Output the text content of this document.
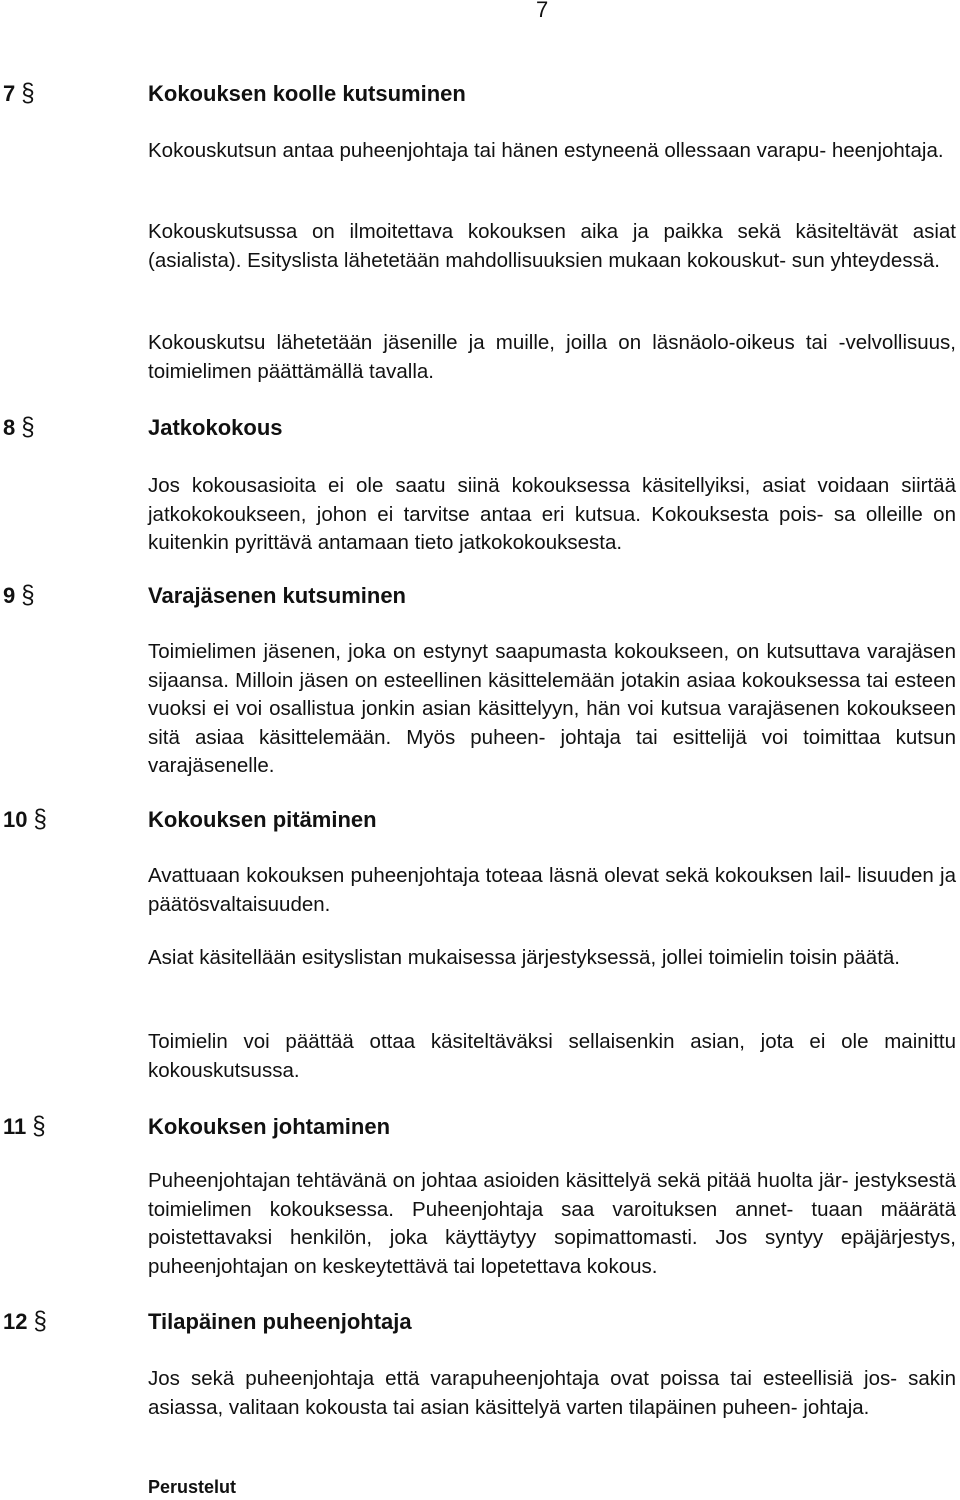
7
7 §	Kokouksen koolle kutsuminen

Kokouskutsun antaa puheenjohtaja tai hänen estyneenä ollessaan varapu- heenjohtaja.

Kokouskutsussa on ilmoitettava kokouksen aika ja paikka sekä käsiteltävät asiat (asialista). Esityslista lähetetään mahdollisuuksien mukaan kokouskut- sun yhteydessä.

Kokouskutsu lähetetään jäsenille ja muille, joilla on läsnäolo-oikeus tai -velvollisuus, toimielimen päättämällä tavalla.

8 §	Jatkokokous

Jos kokousasioita ei ole saatu siinä kokouksessa käsitellyiksi, asiat voidaan siirtää jatkokokoukseen, johon ei tarvitse antaa eri kutsua. Kokouksesta pois- sa olleille on kuitenkin pyrittävä antamaan tieto jatkokokouksesta.

9 §	Varajäsenen kutsuminen

Toimielimen jäsenen, joka on estynyt saapumasta kokoukseen, on kutsuttava varajäsen sijaansa. Milloin jäsen on esteellinen käsittelemään jotakin asiaa kokouksessa tai esteen vuoksi ei voi osallistua jonkin asian käsittelyyn, hän voi kutsua varajäsenen kokoukseen sitä asiaa käsittelemään. Myös puheen- johtaja tai esittelijä voi toimittaa kutsun varajäsenelle.

10 §	Kokouksen pitäminen

Avattuaan kokouksen puheenjohtaja toteaa läsnä olevat sekä kokouksen lail- lisuuden ja päätösvaltaisuuden.

Asiat käsitellään esityslistan mukaisessa järjestyksessä, jollei toimielin toisin päätä.

Toimielin voi päättää ottaa käsiteltäväksi sellaisenkin asian, jota ei ole mainittu kokouskutsussa.

11 §	Kokouksen johtaminen

Puheenjohtajan tehtävänä on johtaa asioiden käsittelyä sekä pitää huolta jär- jestyksestä toimielimen kokouksessa. Puheenjohtaja saa varoituksen annet- tuaan määrätä poistettavaksi henkilön, joka käyttäytyy sopimattomasti. Jos syntyy epäjärjestys, puheenjohtajan on keskeytettävä tai lopetettava kokous.

12 §	Tilapäinen puheenjohtaja

Jos sekä puheenjohtaja että varapuheenjohtaja ovat poissa tai esteellisiä jos- sakin asiassa, valitaan kokousta tai asian käsittelyä varten tilapäinen puheen- johtaja.

Perustelut
